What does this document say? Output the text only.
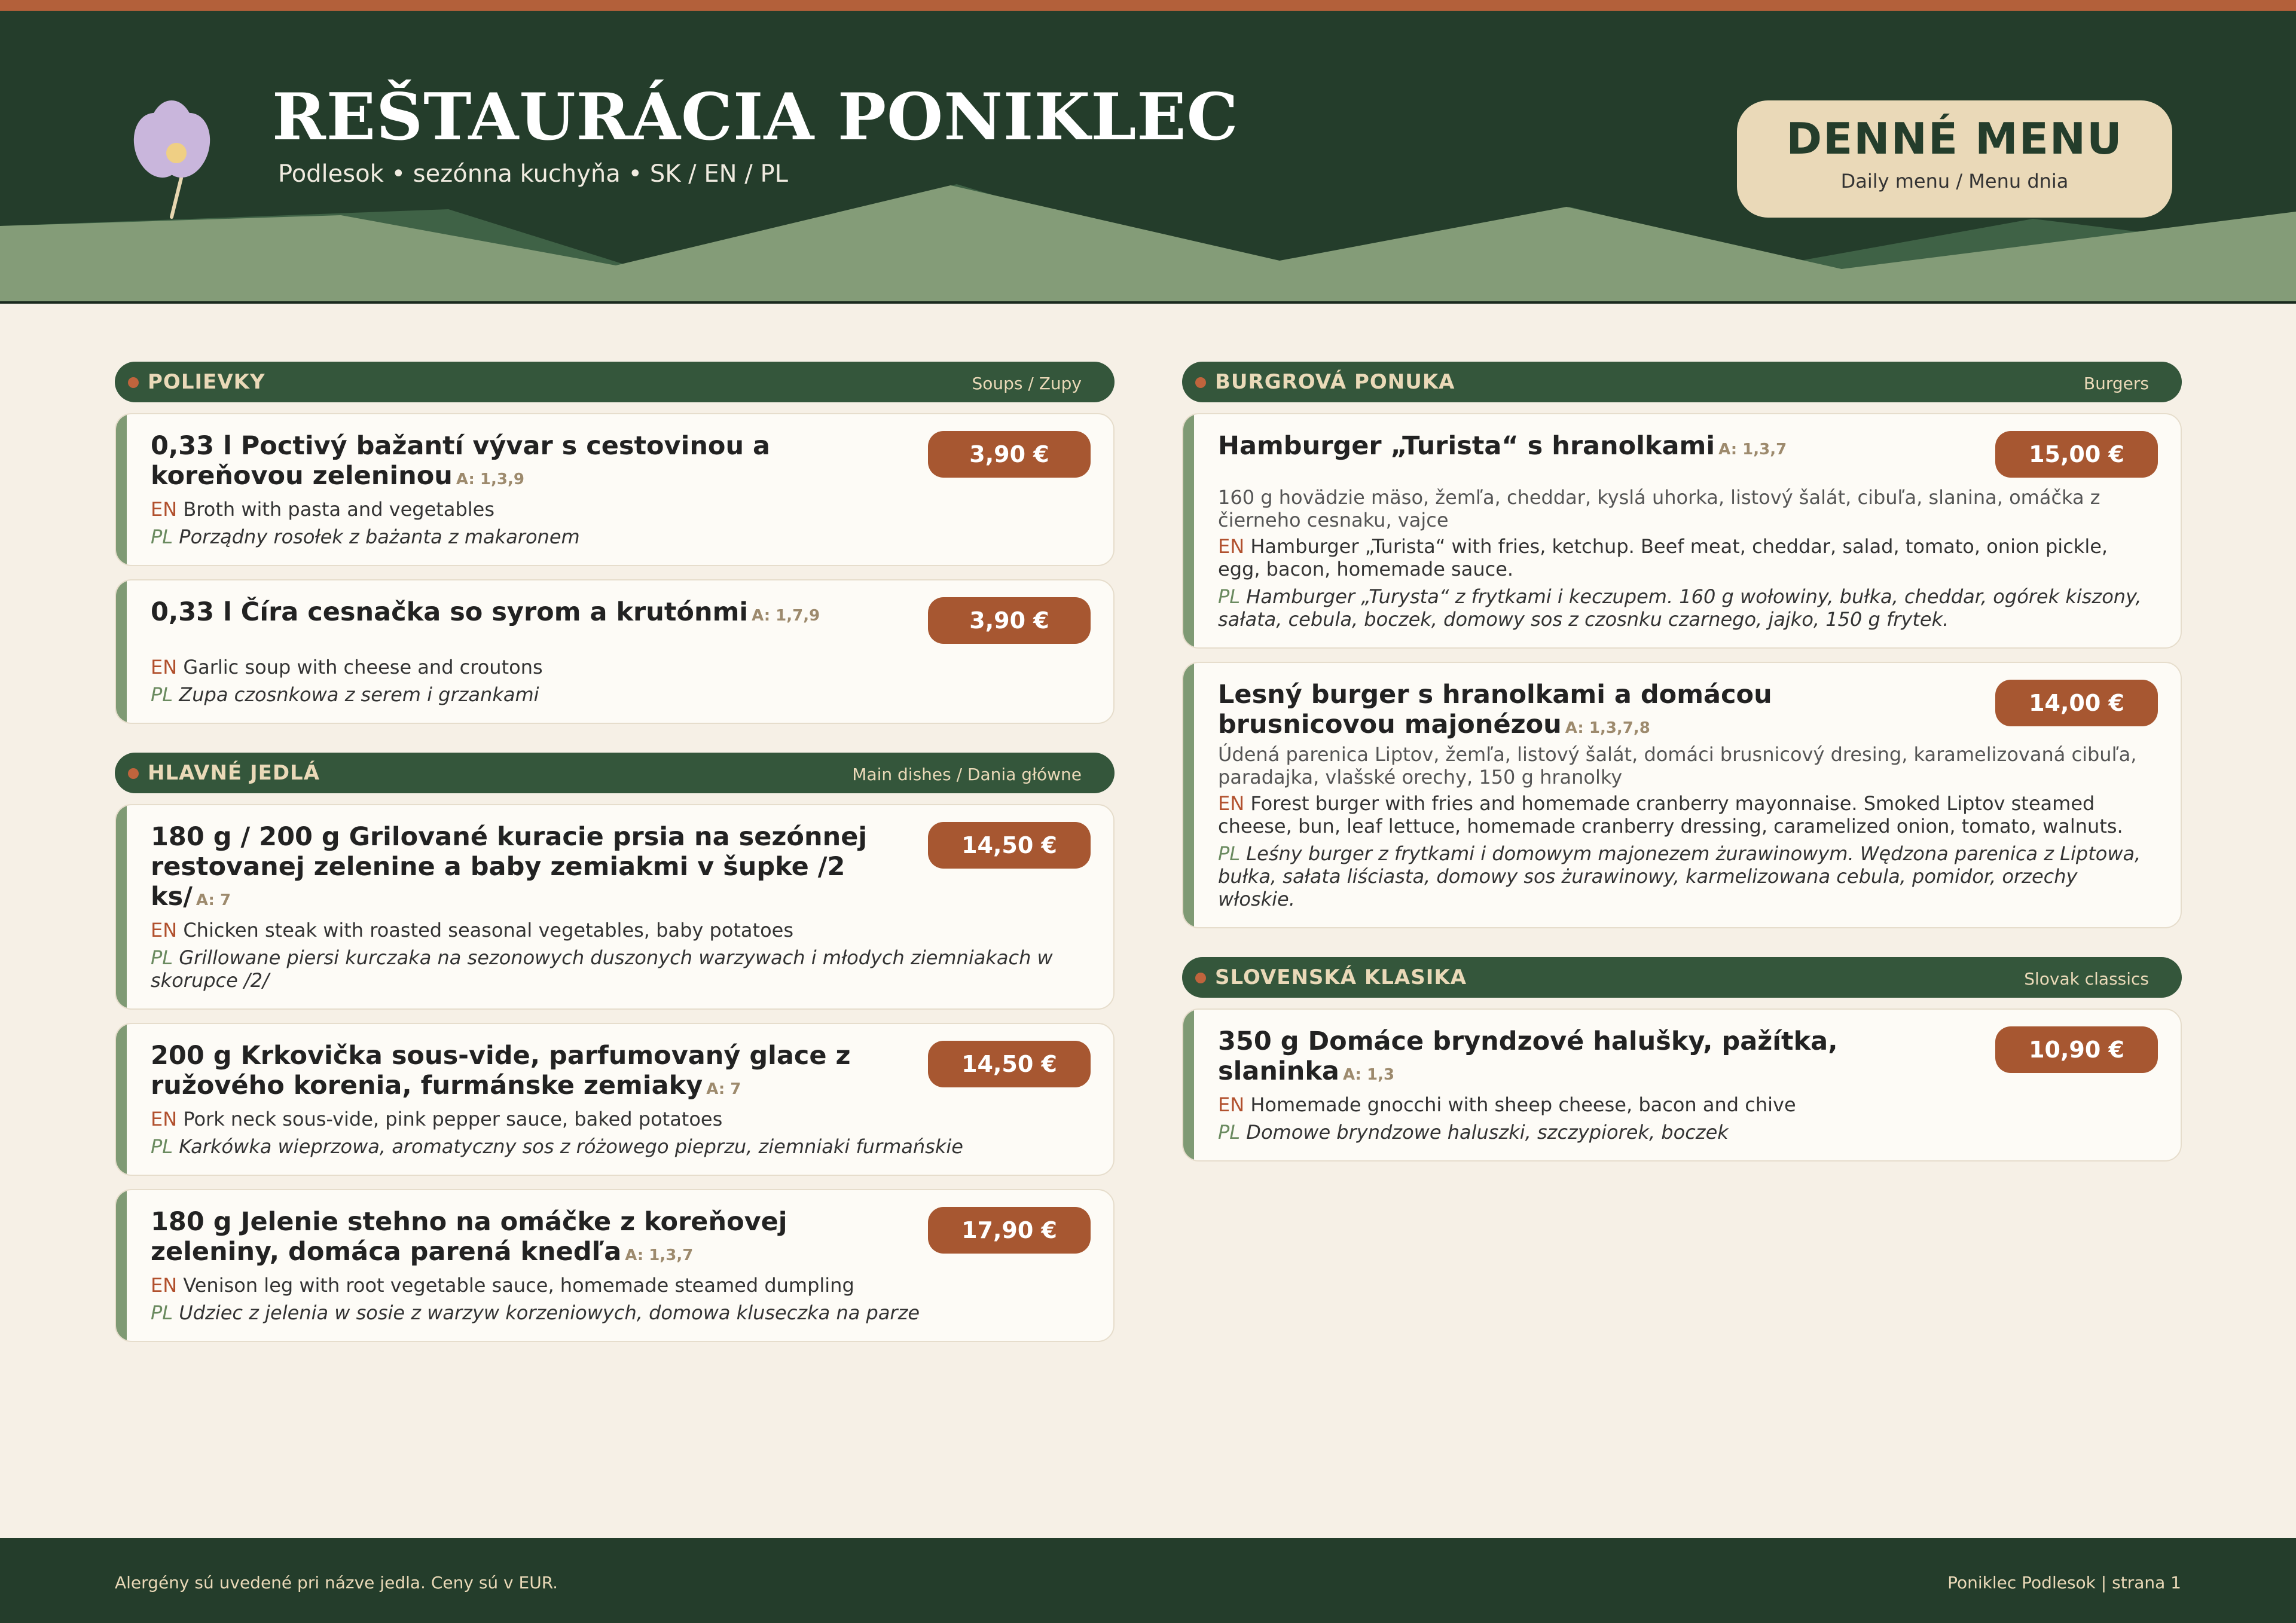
REŠTAURÁCIA PONIKLEC
Podlesok • sezónna kuchyňa • SK / EN / PL
DENNÉ MENU
Daily menu / Menu dnia
POLIEVKY	Soups / Zupy
0,33 l Poctivý bažantí vývar s cestovinou a koreňovou zeleninou A: 1,3,9
3,90 €
EN Broth with pasta and vegetables
PL Porządny rosołek z bażanta z makaronem
0,33 l Číra cesnačka so syrom a krutónmi A: 1,7,9	3,90 €
EN Garlic soup with cheese and croutons
PL Zupa czosnkowa z serem i grzankami
HLAVNÉ JEDLÁ	Main dishes / Dania główne
180 g / 200 g Grilované kuracie prsia na sezónnej restovanej zelenine a baby zemiakmi v šupke /2 ks/ A: 7
14,50 €
EN Chicken steak with roasted seasonal vegetables, baby potatoes
PL Grillowane piersi kurczaka na sezonowych duszonych warzywach i młodych ziemniakach w skorupce /2/
200 g Krkovička sous-vide, parfumovaný glace z ružového korenia, furmánske zemiaky A: 7
14,50 €
EN Pork neck sous-vide, pink pepper sauce, baked potatoes
PL Karkówka wieprzowa, aromatyczny sos z różowego pieprzu, ziemniaki furmańskie
180 g Jelenie stehno na omáčke z koreňovej zeleniny, domáca parená knedľa A: 1,3,7
17,90 €
EN Venison leg with root vegetable sauce, homemade steamed dumpling
PL Udziec z jelenia w sosie z warzyw korzeniowych, domowa kluseczka na parze
BURGROVÁ PONUKA	Burgers
Hamburger „Turista“ s hranolkami A: 1,3,7	15,00 €
160 g hovädzie mäso, žemľa, cheddar, kyslá uhorka, listový šalát, cibuľa, slanina, omáčka z čierneho cesnaku, vajce
EN Hamburger „Turista“ with fries, ketchup. Beef meat, cheddar, salad, tomato, onion pickle, egg, bacon, homemade sauce.
PL Hamburger „Turysta“ z frytkami i keczupem. 160 g wołowiny, bułka, cheddar, ogórek kiszony, sałata, cebula, boczek, domowy sos z czosnku czarnego, jajko, 150 g frytek.
Lesný burger s hranolkami a domácou brusnicovou majonézou A: 1,3,7,8
14,00 €
Údená parenica Liptov, žemľa, listový šalát, domáci brusnicový dresing, karamelizovaná cibuľa, paradajka, vlašské orechy, 150 g hranolky
EN Forest burger with fries and homemade cranberry mayonnaise. Smoked Liptov steamed cheese, bun, leaf lettuce, homemade cranberry dressing, caramelized onion, tomato, walnuts.
PL Leśny burger z frytkami i domowym majonezem żurawinowym. Wędzona parenica z Liptowa, bułka, sałata liściasta, domowy sos żurawinowy, karmelizowana cebula, pomidor, orzechy włoskie.
SLOVENSKÁ KLASIKA	Slovak classics
350 g Domáce bryndzové halušky, pažítka, slaninka A: 1,3
10,90 €
EN Homemade gnocchi with sheep cheese, bacon and chive
PL Domowe bryndzowe haluszki, szczypiorek, boczek
Alergény sú uvedené pri názve jedla. Ceny sú v EUR.	Poniklec Podlesok | strana 1
